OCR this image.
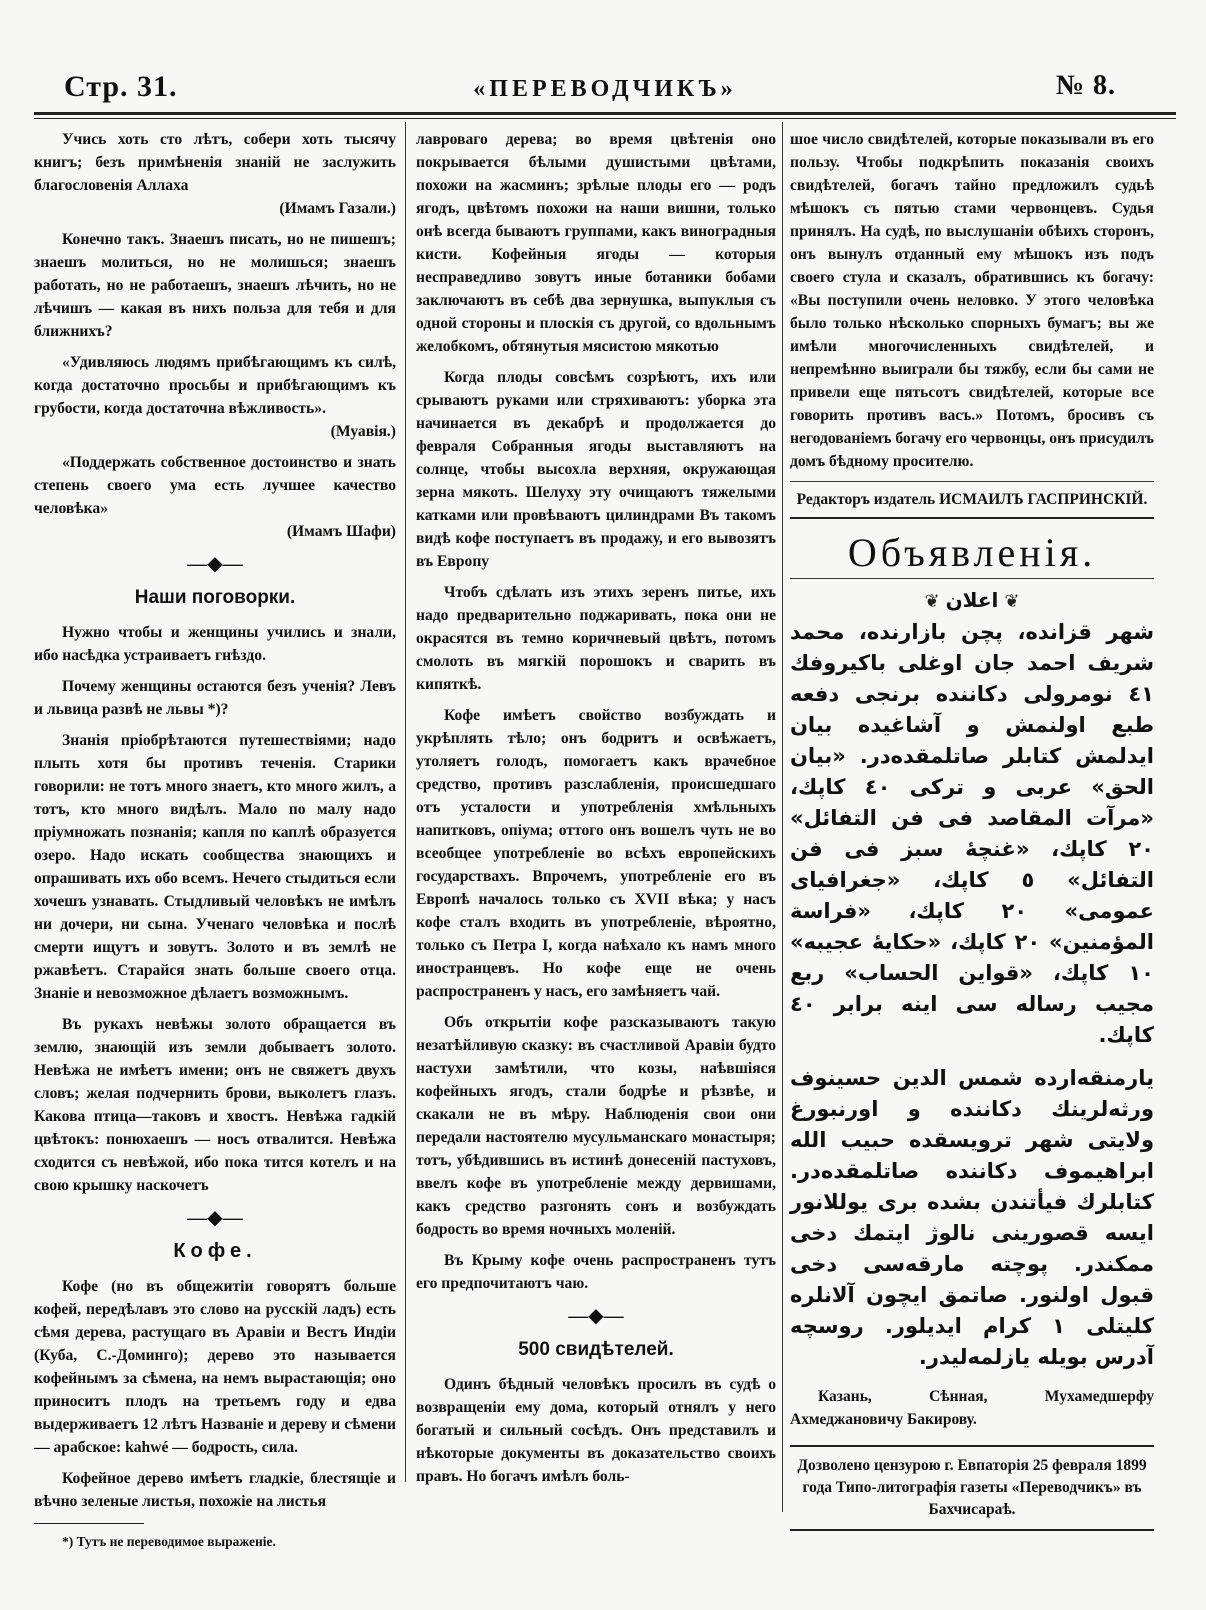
Стр. 31.	«ПЕРЕВОДЧИКЪ»	№ 8.

Учись хоть сто лѣтъ, собери хоть тысячу книгъ; безъ примѣненія знаній не заслужить благословенія Аллаха
(Имамъ Газали.)

Конечно такъ. Знаешъ писать, но не пишешъ; знаешъ молиться, но не молишься; знаешъ работать, но не работаешъ, знаешъ лѣчить, но не лѣчишъ — какая въ нихъ польза для тебя и для ближнихъ?

«Удивляюсь людямъ прибѣгающимъ къ силѣ, когда достаточно просьбы и прибѣгающимъ къ грубости, когда достаточна вѣжливость».
(Муавія.)

«Поддержать собственное достоинство и знать степень своего ума есть лучшее качество человѣка»
(Имамъ Шафи)

—◆—
Наши поговорки.

Нужно чтобы и женщины учились и знали, ибо насѣдка устраиваетъ гнѣздо.

Почему женщины остаются безъ ученія? Левъ и львица развѣ не львы *)?

Знанія пріобрѣтаются путешествіями; надо плыть хотя бы противъ теченія. Старики говорили: не тотъ много знаетъ, кто много жилъ, а тотъ, кто много видѣлъ. Мало по малу надо пріумножать познанія; капля по каплѣ образуется озеро. Надо искать сообщества знающихъ и опрашивать ихъ обо всемъ. Нечего стыдиться если хочешъ узнавать. Стыдливый человѣкъ не имѣлъ ни дочери, ни сына. Ученаго человѣка и послѣ смерти ищутъ и зовутъ. Золото и въ землѣ не ржавѣетъ. Старайся знать больше своего отца. Знаніе и невозможное дѣлаетъ возможнымъ.

Въ рукахъ невѣжы золото обращается въ землю, знающій изъ земли добываетъ золото. Невѣжа не имѣетъ имени; онъ не свяжетъ двухъ словъ; желая подчернить брови, выколетъ глазъ. Какова птица—таковъ и хвостъ. Невѣжа гадкій цвѣтокъ: понюхаешъ — носъ отвалится. Невѣжа сходится съ невѣжой, ибо пока тится котелъ и на свою крышку наскочетъ

—◆—
Кофе.

Кофе (но въ общежитіи говорятъ больше кофей, передѣлавъ это слово на русскій ладъ) есть сѣмя дерева, растущаго въ Аравіи и Вестъ Индіи (Куба, С.-Доминго); дерево это называется кофейнымъ за сѣмена, на немъ вырастающія; оно приноситъ плодъ на третьемъ году и едва выдерживаетъ 12 лѣтъ Названіе и дереву и сѣмени — арабское: kahwé — бодрость, сила.

Кофейное дерево имѣетъ гладкіе, блестящіе и вѣчно зеленые листья, похожіе на листья

*) Тутъ не переводимое выраженіе.

лавроваго дерева; во время цвѣтенія оно покрывается бѣлыми душистыми цвѣтами, похожи на жасминъ; зрѣлые плоды его — родъ ягодъ, цвѣтомъ похожи на наши вишни, только онѣ всегда бываютъ группами, какъ виноградныя кисти. Кофейныя ягоды — которыя несправедливо зовутъ иные ботаники бобами заключаютъ въ себѣ два зернушка, выпуклыя съ одной стороны и плоскія съ другой, со вдольнымъ желобкомъ, обтянутыя мясистою мякотью

Когда плоды совсѣмъ созрѣютъ, ихъ или срываютъ руками или стряхиваютъ: уборка эта начинается въ декабрѣ и продолжается до февраля Собранныя ягоды выставляютъ на солнце, чтобы высохла верхняя, окружающая зерна мякоть. Шелуху эту очищаютъ тяжелыми катками или провѣваютъ цилиндрами Въ такомъ видѣ кофе поступаетъ въ продажу, и его вывозятъ въ Европу

Чтобъ сдѣлать изъ этихъ зеренъ питье, ихъ надо предварительно поджаривать, пока они не окрасятся въ темно коричневый цвѣтъ, потомъ смолоть въ мягкій порошокъ и сварить въ кипяткѣ.

Кофе имѣетъ свойство возбуждать и укрѣплять тѣло; онъ бодритъ и освѣжаетъ, утоляетъ голодъ, помогаетъ какъ врачебное средство, противъ разслабленія, происшедшаго отъ усталости и употребленія хмѣльныхъ напитковъ, опіума; оттого онъ вошелъ чуть не во всеобщее употребленіе во всѣхъ европейскихъ государствахъ. Впрочемъ, употребленіе его въ Европѣ началось только съ XVII вѣка; у насъ кофе сталъ входить въ употребленіе, вѣроятно, только съ Петра I, когда наѣхало къ намъ много иностранцевъ. Но кофе еще не очень распространенъ у насъ, его замѣняетъ чай.

Объ открытіи кофе разсказываютъ такую незатѣйливую сказку: въ счастливой Аравіи будто настухи замѣтили, что козы, наѣвшіяся кофейныхъ ягодъ, стали бодрѣе и рѣзвѣе, и скакали не въ мѣру. Наблюденія свои они передали настоятелю мусульманскаго монастыря; тотъ, убѣдившись въ истинѣ донесеній пастуховъ, ввелъ кофе въ употребленіе между дервишами, какъ средство разгонять сонъ и возбуждать бодрость во время ночныхъ моленій.

Въ Крыму кофе очень распространенъ тутъ его предпочитаютъ чаю.

—◆—
500 свидѣтелей.

Одинъ бѣдный человѣкъ просилъ въ судѣ о возвращеніи ему дома, который отнялъ у него богатый и сильный сосѣдъ. Онъ представилъ и нѣкоторые документы въ доказательство своихъ правъ. Но богачъ имѣлъ боль-

шое число свидѣтелей, которые показывали въ его пользу. Чтобы подкрѣпить показанія своихъ свидѣтелей, богачъ тайно предложилъ судьѣ мѣшокъ съ пятью стами червонцевъ. Судья принялъ. На судѣ, по выслушаніи обѣихъ сторонъ, онъ вынулъ отданный ему мѣшокъ изъ подъ своего стула и сказалъ, обратившись къ богачу: «Вы поступили очень неловко. У этого человѣка было только нѣсколько спорныхъ бумагъ; вы же имѣли многочисленныхъ свидѣтелей, и непремѣнно выиграли бы тяжбу, если бы сами не привели еще пятьсотъ свидѣтелей, которые все говорить противъ васъ.» Потомъ, бросивъ съ негодованіемъ богачу его червонцы, онъ присудилъ домъ бѣдному просителю.

Редакторъ издатель ИСМАИЛЪ ГАСПРИНСКІЙ.
Объявленія.
❦ اعلان ❦
شهر قزانده، پچن بازارنده، محمد شریف احمد جان اوغلی باکیروفك ٤١ نومرولی دکاننده برنجی دفعه طبع اولنمش و آشاغیده بیان ایدلمش کتابلر صاتلمقده‌در. «بیان الحق» عربی و ترکی ٤٠ کاپك، «مرآت المقاصد فی فن التفائل» ٢٠ کاپك، «غنچهٔ سبز فی فن التفائل» ٥ کاپك، «جغرافیای عمومی» ٢٠ کاپك، «فراسة المؤمنین» ٢٠ کاپك، «حکایهٔ عجیبه» ١٠ کاپك، «قواین الحساب» ربع مجیب رساله سی اینه برابر ٤٠ کاپك.
یارمنقه‌ارده شمس الدین حسینوف ورثه‌لرینك دکاننده و اورنبورغ ولایتی شهر ترویسقده حبیب الله ابراهیموف دکاننده صاتلمقده‌در. کتابلرك فیأتندن بشده بری یوللانور ایسه قصورینی نالوژ ایتمك دخی ممکندر. پوچته مارقه‌سی دخی قبول اولنور. صاتمق ایچون آلانلره کلیتلی ١ کرام ایدیلور. روسچه آدرس بویله یازلمه‌لیدر.
Казань, Сѣнная, Мухамедшерфу Ахмеджановичу Бакирову.
Дозволено цензурою г. Евпаторія 25 февраля 1899 года Типо-литографія газеты «Переводчикъ» въ Бахчисараѣ.
